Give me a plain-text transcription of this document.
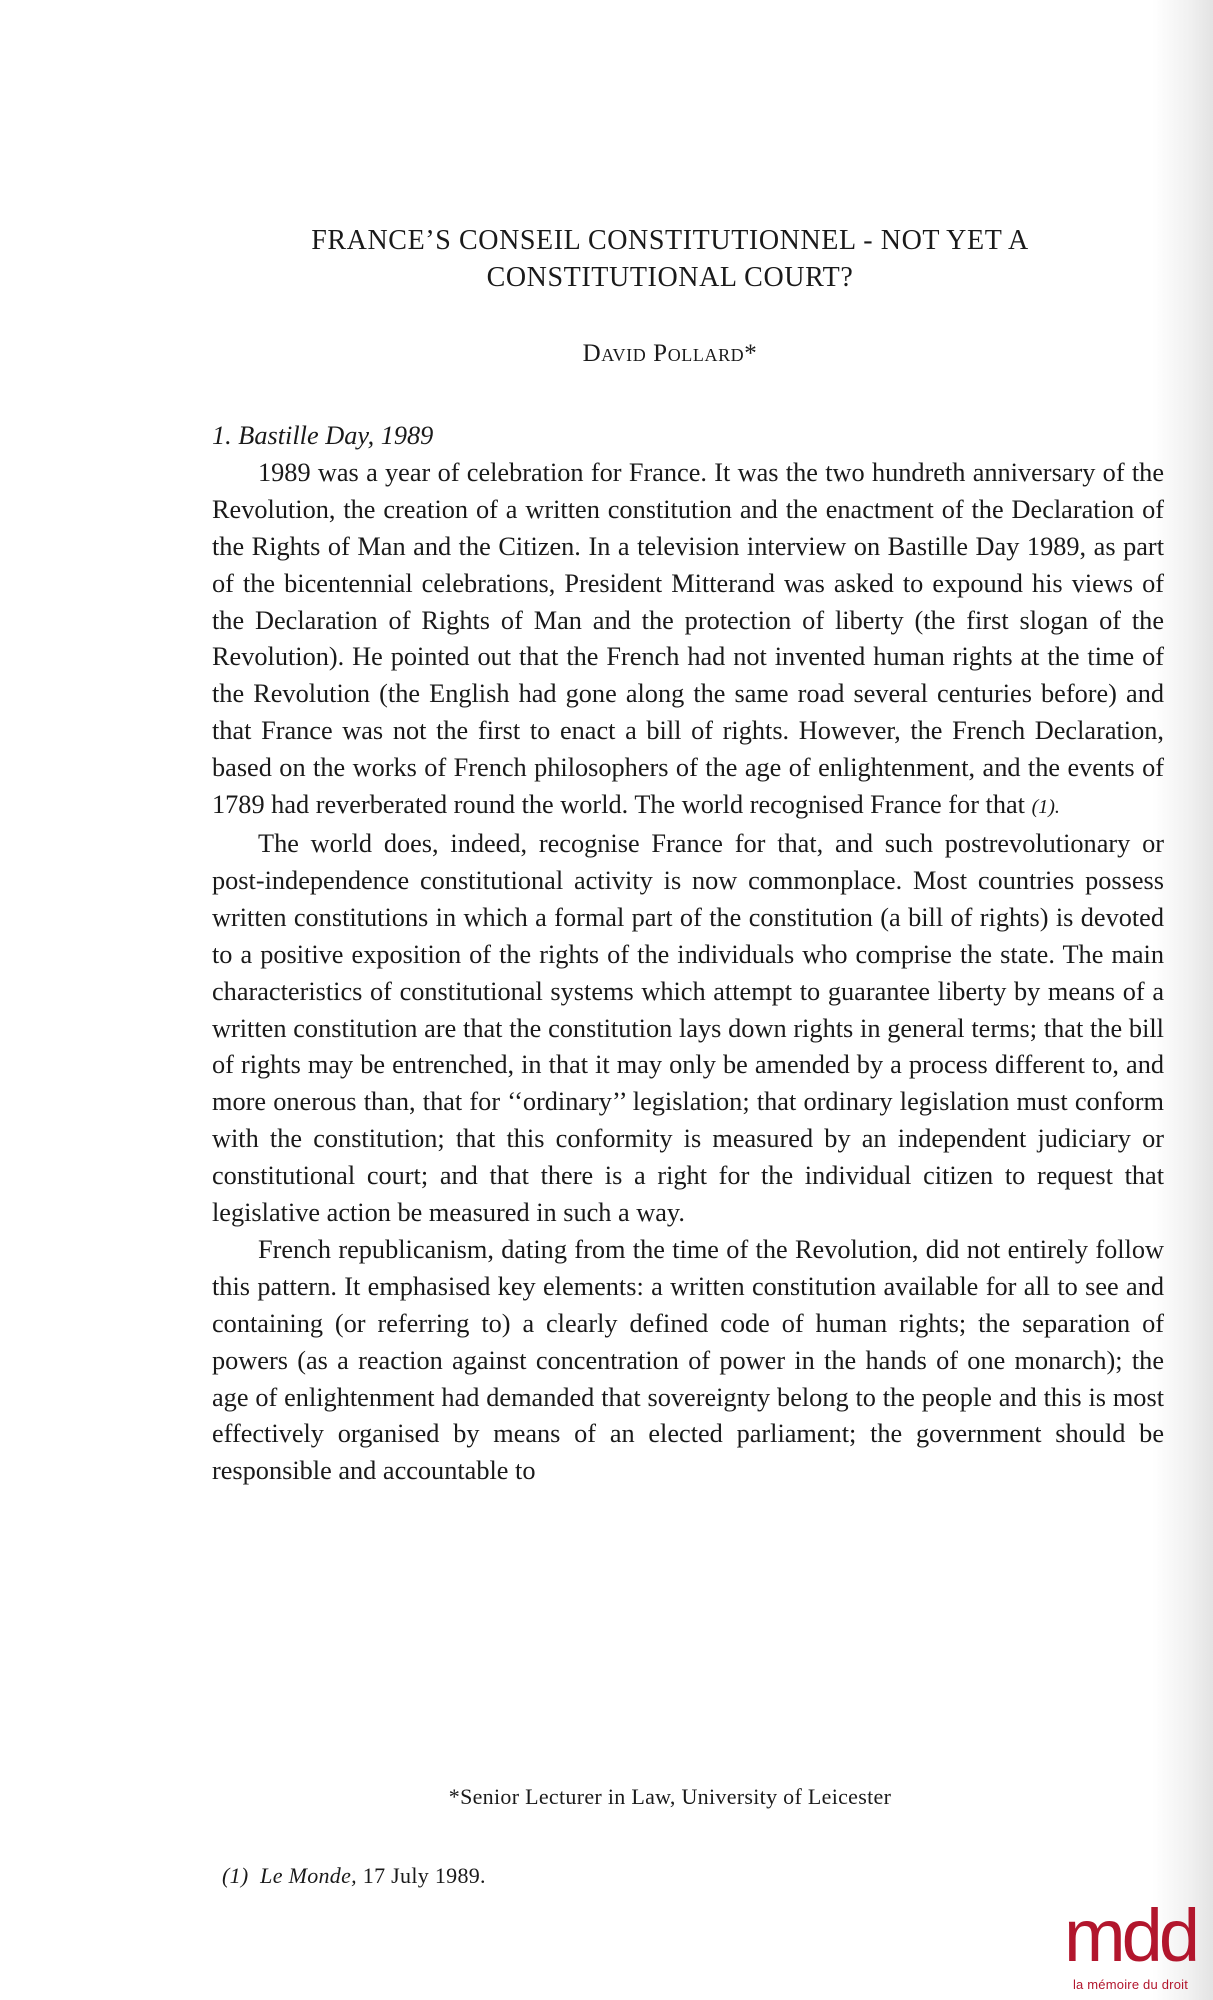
FRANCE’S CONSEIL CONSTITUTIONNEL - NOT YET A
CONSTITUTIONAL COURT?
David Pollard*

1. Bastille Day, 1989

1989 was a year of celebration for France. It was the two hundreth anniversary of the Revolution, the creation of a written constitution and the enactment of the Declaration of the Rights of Man and the Citizen. In a television interview on Bastille Day 1989, as part of the bicentennial celebrations, President Mitterand was asked to expound his views of the Declaration of Rights of Man and the protection of liberty (the first slogan of the Revolution). He pointed out that the French had not invented human rights at the time of the Revolution (the English had gone along the same road several centuries before) and that France was not the first to enact a bill of rights. However, the French Declaration, based on the works of French philosophers of the age of enlightenment, and the events of 1789 had reverberated round the world. The world recognised France for that (1).

The world does, indeed, recognise France for that, and such postrevolutionary or post-independence constitutional activity is now commonplace. Most countries possess written constitutions in which a formal part of the constitution (a bill of rights) is devoted to a positive exposition of the rights of the individuals who comprise the state. The main characteristics of constitutional systems which attempt to guarantee liberty by means of a written constitution are that the constitution lays down rights in general terms; that the bill of rights may be entrenched, in that it may only be amended by a process different to, and more onerous than, that for ‘‘ordinary’’ legislation; that ordinary legislation must conform with the constitution; that this conformity is measured by an independent judiciary or constitutional court; and that there is a right for the individual citizen to request that legislative action be measured in such a way.

French republicanism, dating from the time of the Revolution, did not entirely follow this pattern. It emphasised key elements: a written constitution available for all to see and containing (or referring to) a clearly defined code of human rights; the separation of powers (as a reaction against concentration of power in the hands of one monarch); the age of enlightenment had demanded that sovereignty belong to the people and this is most effectively organised by means of an elected parliament; the government should be responsible and accountable to

*Senior Lecturer in Law, University of Leicester
(1) Le Monde, 17 July 1989.
mdd
la mémoire du droit
